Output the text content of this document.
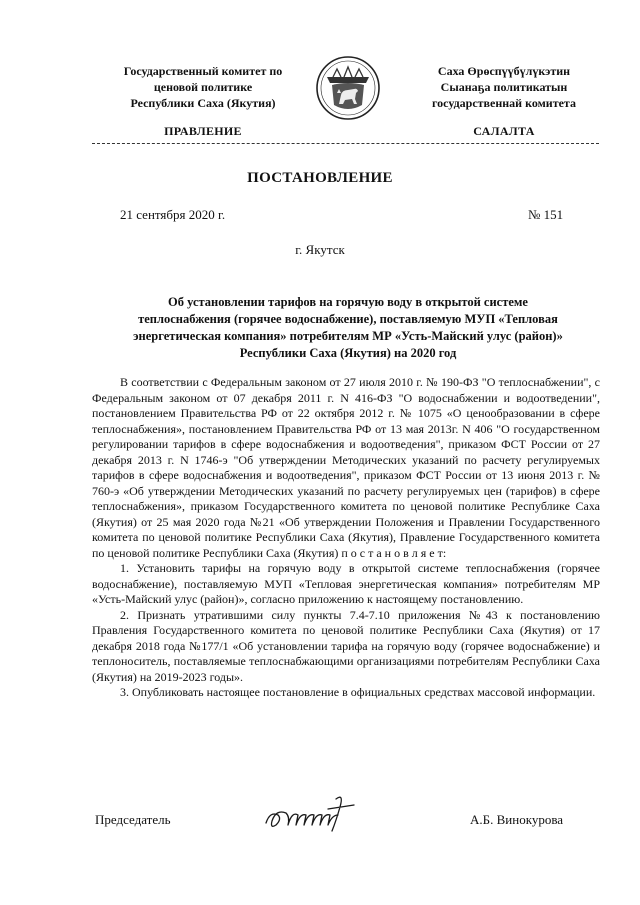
Государственный комитет по
ценовой политике
Республики Саха (Якутия)
Саха Өрөспүүбүлүкэтин
Сыанаҕа политикатын
государственнай комитета
ПРАВЛЕНИЕ	САЛАЛТА
ПОСТАНОВЛЕНИЕ
21 сентября 2020 г.	№ 151
г. Якутск
Об установлении тарифов на горячую воду в открытой системе
теплоснабжения (горячее водоснабжение), поставляемую МУП «Тепловая
энергетическая компания» потребителям МР «Усть-Майский улус (район)»
Республики Саха (Якутия) на 2020 год

В соответствии с Федеральным законом от 27 июля 2010 г. № 190-ФЗ "О теплоснабжении", с Федеральным законом от 07 декабря 2011 г. N 416-ФЗ "О водоснабжении и водоотведении", постановлением Правительства РФ от 22 октября 2012 г. № 1075 «О ценообразовании в сфере теплоснабжения», постановлением Правительства РФ от 13 мая 2013г. N 406 "О государственном регулировании тарифов в сфере водоснабжения и водоотведения", приказом ФСТ России от 27 декабря 2013 г. N 1746-э "Об утверждении Методических указаний по расчету регулируемых тарифов в сфере водоснабжения и водоотведения", приказом ФСТ России от 13 июня 2013 г. № 760-э «Об утверждении Методических указаний по расчету регулируемых цен (тарифов) в сфере теплоснабжения», приказом Государственного комитета по ценовой политике Республике Саха (Якутия) от 25 мая 2020 года №21 «Об утверждении Положения и Правлении Государственного комитета по ценовой политике Республики Саха (Якутия), Правление Государственного комитета по ценовой политике Республики Саха (Якутия) п о с т а н о в л я е т:

1. Установить тарифы на горячую воду в открытой системе теплоснабжения (горячее водоснабжение), поставляемую МУП «Тепловая энергетическая компания» потребителям МР «Усть-Майский улус (район)», согласно приложению к настоящему постановлению.

2. Признать утратившими силу пункты 7.4-7.10 приложения №43 к постановлению Правления Государственного комитета по ценовой политике Республики Саха (Якутия) от 17 декабря 2018 года №177/1 «Об установлении тарифа на горячую воду (горячее водоснабжение) и теплоноситель, поставляемые теплоснабжающими организациями потребителям Республики Саха (Якутия) на 2019-2023 годы».

3. Опубликовать настоящее постановление в официальных средствах массовой информации.

Председатель	А.Б. Винокурова
